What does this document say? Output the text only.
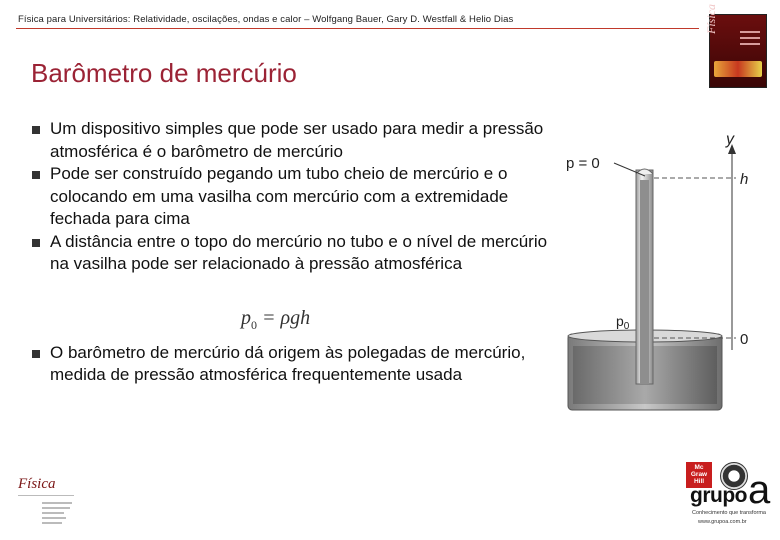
Física para Universitários: Relatividade, oscilações, ondas e calor – Wolfgang Bauer, Gary D. Westfall & Helio Dias	Física
Barômetro de mercúrio
Um dispositivo simples que pode ser usado para medir a pressão atmosférica é o barômetro de mercúrio
Pode ser construído pegando um tubo cheio de mercúrio e o colocando em uma vasilha com mercúrio com a extremidade fechada para cima
A distância entre o topo do mercúrio no tubo e o nível de mercúrio na vasilha pode ser relacionado à pressão atmosférica
O barômetro de mercúrio dá origem às polegadas de mercúrio, medida de pressão atmosférica frequentemente usada
$p_0 = \rho gh$
y
h
0
p = 0
$p_0$
Física
Mc Graw Hill
grupo a
Conhecimento que transforma
www.grupoa.com.br
